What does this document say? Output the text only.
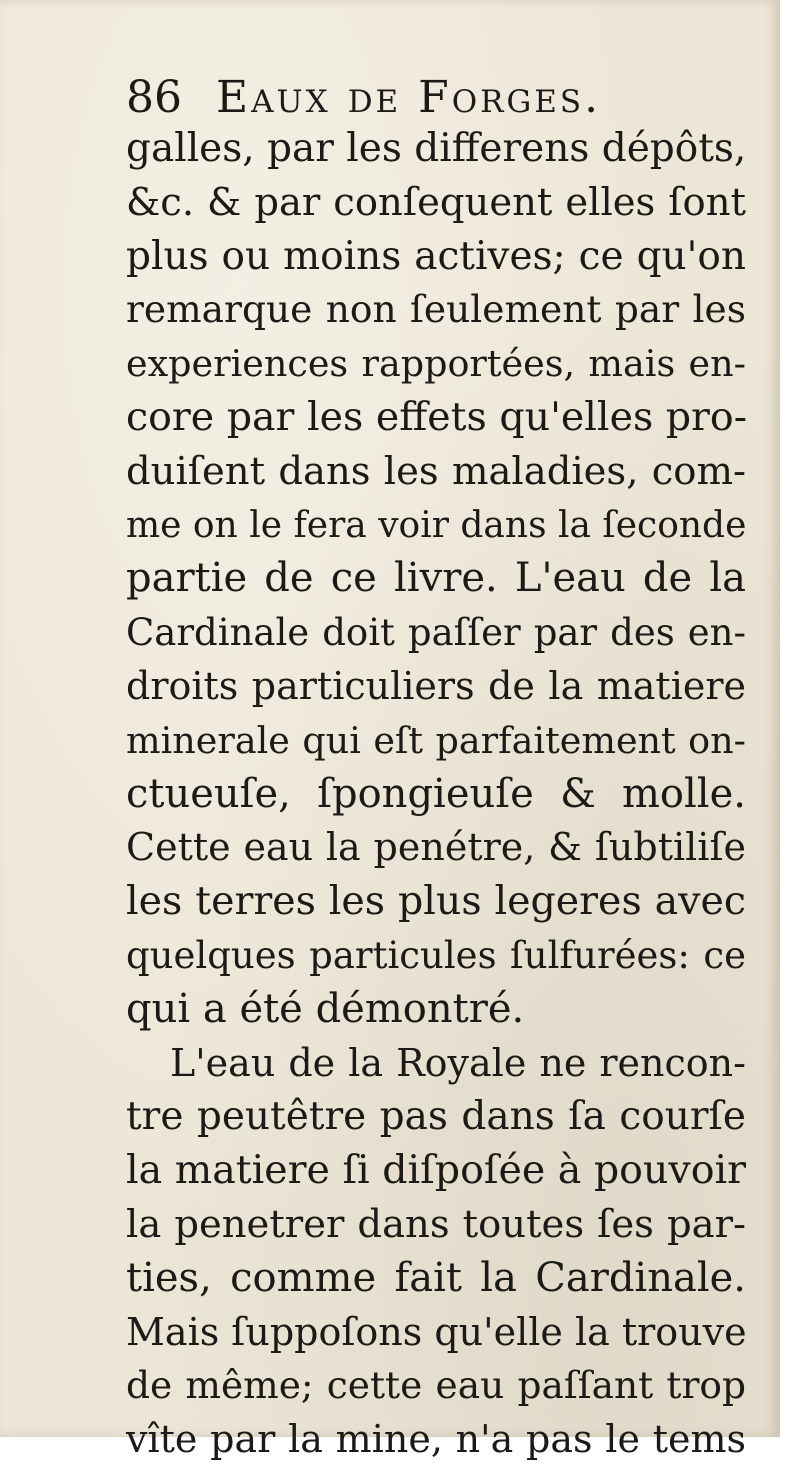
86 Eaux de Forges.
galles, par les differens dépôts,
&c. & par conſequent elles ſont
plus ou moins actives; ce qu'on
remarque non ſeulement par les
experiences rapportées, mais en-
core par les effets qu'elles pro-
duiſent dans les maladies, com-
me on le fera voir dans la ſeconde
partie de ce livre. L'eau de la
Cardinale doit paſſer par des en-
droits particuliers de la matiere
minerale qui eſt parfaitement on-
ctueuſe, ſpongieuſe & molle.
Cette eau la penétre, & ſubtiliſe
les terres les plus legeres avec
quelques particules ſulfurées: ce
qui a été démontré.
L'eau de la Royale ne rencon-
tre peutêtre pas dans ſa courſe
la matiere ſi diſpoſée à pouvoir
la penetrer dans toutes ſes par-
ties, comme fait la Cardinale.
Mais ſuppoſons qu'elle la trouve
de même; cette eau paſſant trop
vîte par la mine, n'a pas le tems
